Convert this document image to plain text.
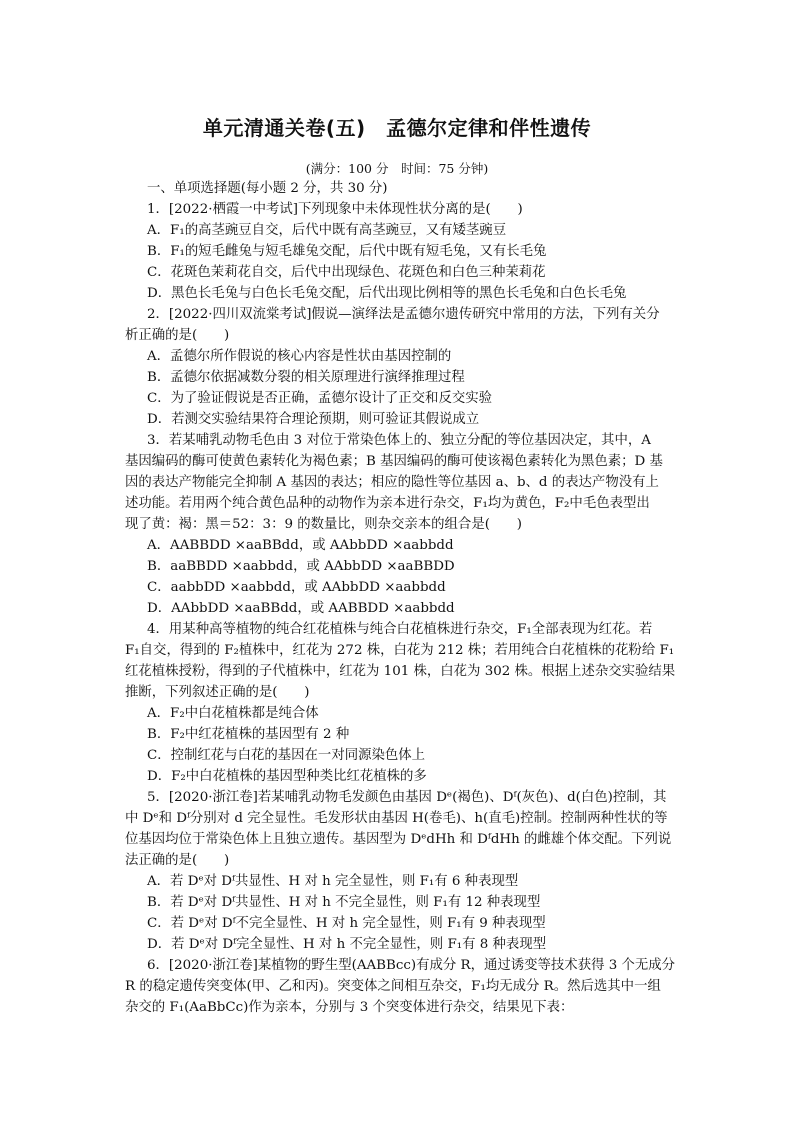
单元清通关卷(五)　孟德尔定律和伴性遗传
(满分：100 分　时间：75 分钟)
一、单项选择题(每小题 2 分，共 30 分)
1．[2022·栖霞一中考试]下列现象中未体现性状分离的是(　　)
A．F₁的高茎豌豆自交，后代中既有高茎豌豆，又有矮茎豌豆
B．F₁的短毛雌兔与短毛雄兔交配，后代中既有短毛兔，又有长毛兔
C．花斑色茉莉花自交，后代中出现绿色、花斑色和白色三种茉莉花
D．黑色长毛兔与白色长毛兔交配，后代出现比例相等的黑色长毛兔和白色长毛兔
2．[2022·四川双流棠考试]假说—演绎法是孟德尔遗传研究中常用的方法，下列有关分
析正确的是(　　)
A．孟德尔所作假说的核心内容是性状由基因控制的
B．孟德尔依据减数分裂的相关原理进行演绎推理过程
C．为了验证假说是否正确，孟德尔设计了正交和反交实验
D．若测交实验结果符合理论预期，则可验证其假说成立
3．若某哺乳动物毛色由 3 对位于常染色体上的、独立分配的等位基因决定，其中，A
基因编码的酶可使黄色素转化为褐色素；B 基因编码的酶可使该褐色素转化为黑色素；D 基
因的表达产物能完全抑制 A 基因的表达；相应的隐性等位基因 a、b、d 的表达产物没有上
述功能。若用两个纯合黄色品种的动物作为亲本进行杂交，F₁均为黄色，F₂中毛色表型出
现了黄：褐：黑＝52：3：9 的数量比，则杂交亲本的组合是(　　)
A．AABBDD ×aaBBdd，或 AAbbDD ×aabbdd
B．aaBBDD ×aabbdd，或 AAbbDD ×aaBBDD
C．aabbDD ×aabbdd，或 AAbbDD ×aabbdd
D．AAbbDD ×aaBBdd，或 AABBDD ×aabbdd
4．用某种高等植物的纯合红花植株与纯合白花植株进行杂交，F₁全部表现为红花。若
F₁自交，得到的 F₂植株中，红花为 272 株，白花为 212 株；若用纯合白花植株的花粉给 F₁
红花植株授粉，得到的子代植株中，红花为 101 株，白花为 302 株。根据上述杂交实验结果
推断，下列叙述正确的是(　　)
A．F₂中白花植株都是纯合体
B．F₂中红花植株的基因型有 2 种
C．控制红花与白花的基因在一对同源染色体上
D．F₂中白花植株的基因型种类比红花植株的多
5．[2020·浙江卷]若某哺乳动物毛发颜色由基因 Dᵉ(褐色)、Dᶠ(灰色)、d(白色)控制，其
中 Dᵉ和 Dᶠ分别对 d 完全显性。毛发形状由基因 H(卷毛)、h(直毛)控制。控制两种性状的等
位基因均位于常染色体上且独立遗传。基因型为 DᵉdHh 和 DᶠdHh 的雌雄个体交配。下列说
法正确的是(　　)
A．若 Dᵉ对 Dᶠ共显性、H 对 h 完全显性，则 F₁有 6 种表现型
B．若 Dᵉ对 Dᶠ共显性、H 对 h 不完全显性，则 F₁有 12 种表现型
C．若 Dᵉ对 Dᶠ不完全显性、H 对 h 完全显性，则 F₁有 9 种表现型
D．若 Dᵉ对 Dᶠ完全显性、H 对 h 不完全显性，则 F₁有 8 种表现型
6．[2020·浙江卷]某植物的野生型(AABBcc)有成分 R，通过诱变等技术获得 3 个无成分
R 的稳定遗传突变体(甲、乙和丙)。突变体之间相互杂交，F₁均无成分 R。然后选其中一组
杂交的 F₁(AaBbCc)作为亲本，分别与 3 个突变体进行杂交，结果见下表：
